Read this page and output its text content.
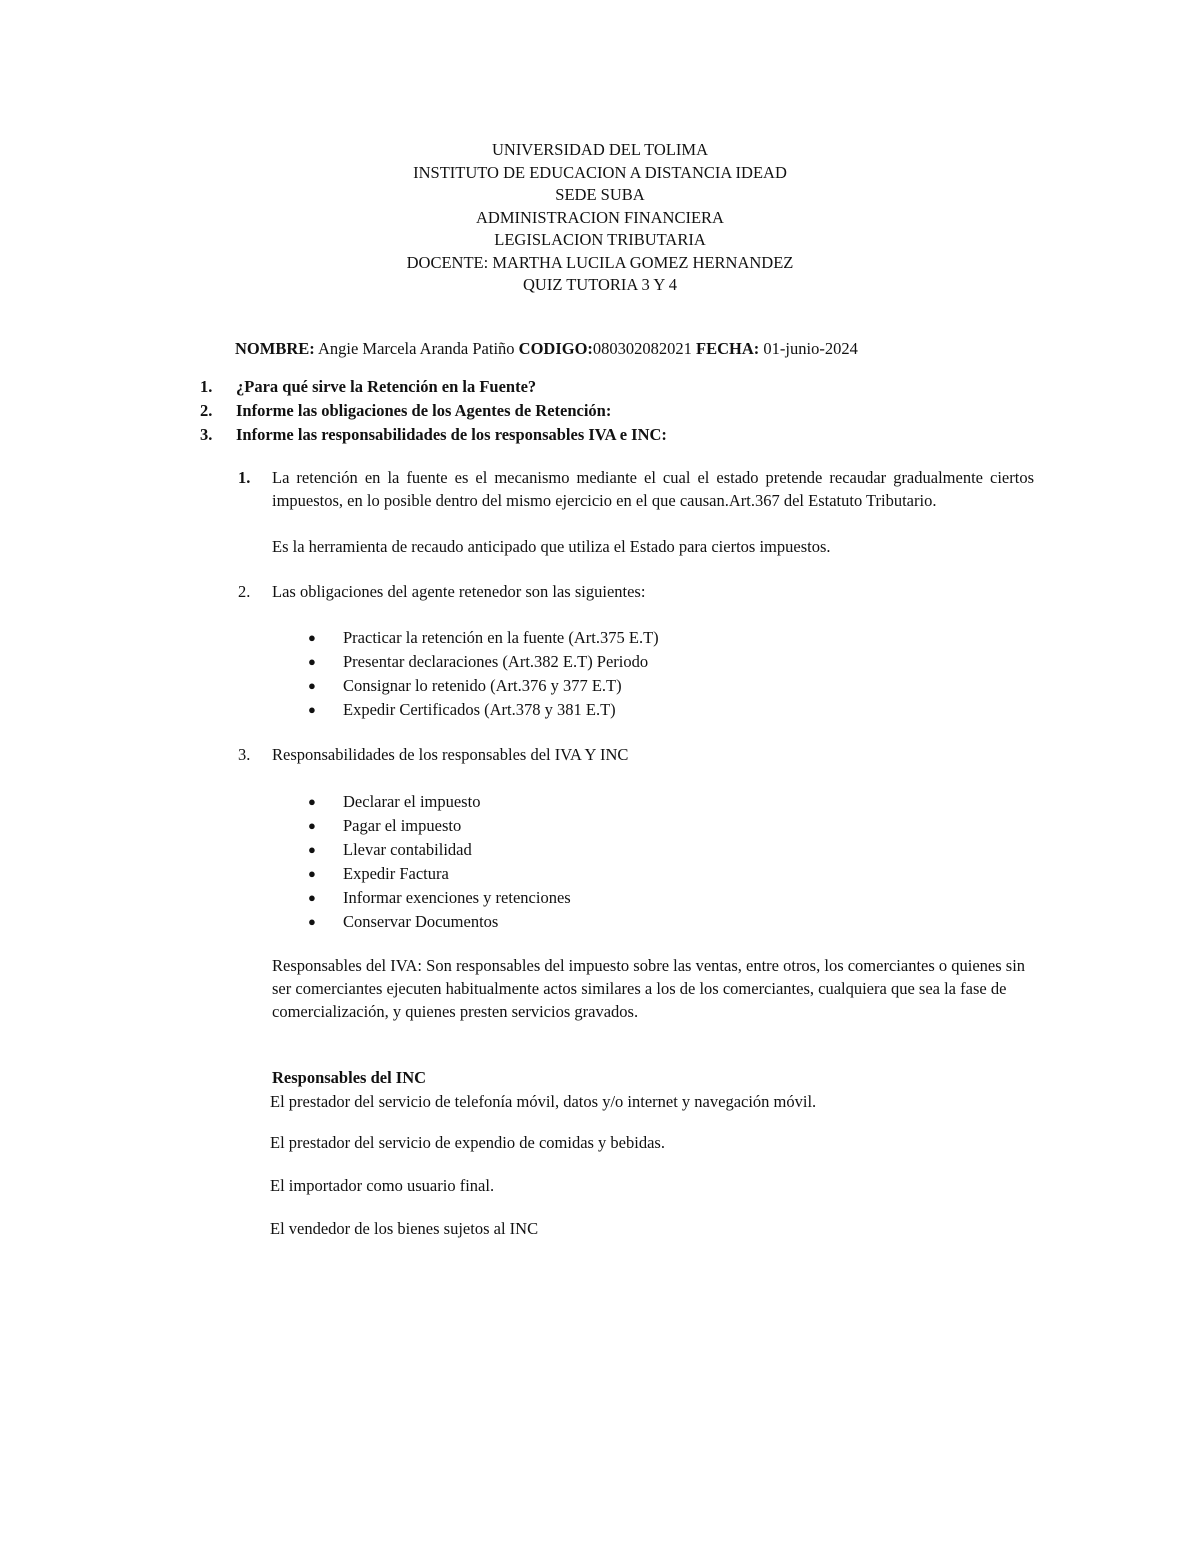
UNIVERSIDAD DEL TOLIMA
INSTITUTO DE EDUCACION A DISTANCIA IDEAD
SEDE SUBA
ADMINISTRACION FINANCIERA
LEGISLACION TRIBUTARIA
DOCENTE: MARTHA LUCILA GOMEZ HERNANDEZ
QUIZ TUTORIA 3 Y 4
NOMBRE: Angie Marcela Aranda Patiño CODIGO:080302082021 FECHA: 01-junio-2024
1.	¿Para qué sirve la Retención en la Fuente?
2.	Informe las obligaciones de los Agentes de Retención:
3.	Informe las responsabilidades de los responsables IVA e INC:
1. La retención en la fuente es el mecanismo mediante el cual el estado pretende recaudar gradualmente ciertos impuestos, en lo posible dentro del mismo ejercicio en el que causan.Art.367 del Estatuto Tributario.
Es la herramienta de recaudo anticipado que utiliza el Estado para ciertos impuestos.
2. Las obligaciones del agente retenedor son las siguientes:
● Practicar la retención en la fuente (Art.375 E.T)
● Presentar declaraciones (Art.382 E.T) Periodo
● Consignar lo retenido (Art.376 y 377 E.T)
● Expedir Certificados (Art.378 y 381 E.T)
3. Responsabilidades de los responsables del IVA Y INC
● Declarar el impuesto
● Pagar el impuesto
● Llevar contabilidad
● Expedir Factura
● Informar exenciones y retenciones
● Conservar Documentos
Responsables del IVA: Son responsables del impuesto sobre las ventas, entre otros, los comerciantes o quienes sin ser comerciantes ejecuten habitualmente actos similares a los de los comerciantes, cualquiera que sea la fase de comercialización, y quienes presten servicios gravados.
Responsables del INC
El prestador del servicio de telefonía móvil, datos y/o internet y navegación móvil.
El prestador del servicio de expendio de comidas y bebidas.
El importador como usuario final.
El vendedor de los bienes sujetos al INC
